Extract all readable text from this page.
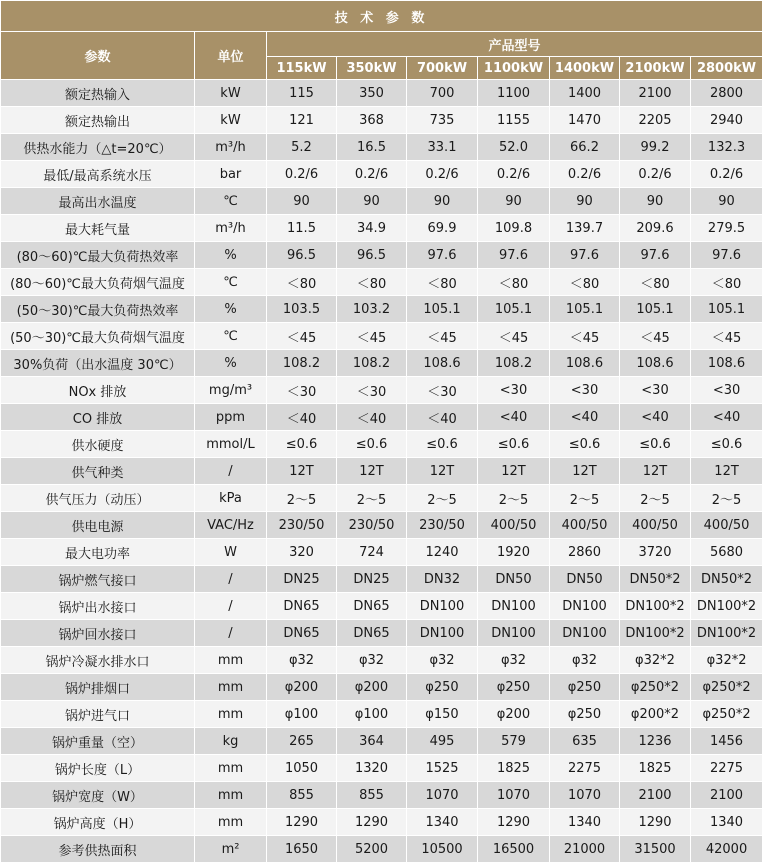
技 术 参 数								
参数	单位	产品型号						
		115kW	350kW	700kW	1100kW	1400kW	2100kW	2800kW
额定热输入	kW	115	350	700	1100	1400	2100	2800
额定热输出	kW	121	368	735	1155	1470	2205	2940
供热水能力（△t=20℃）	m³/h	5.2	16.5	33.1	52.0	66.2	99.2	132.3
最低/最高系统水压	bar	0.2/6	0.2/6	0.2/6	0.2/6	0.2/6	0.2/6	0.2/6
最高出水温度	℃	90	90	90	90	90	90	90
最大耗气量	m³/h	11.5	34.9	69.9	109.8	139.7	209.6	279.5
(80～60)℃最大负荷热效率	%	96.5	96.5	97.6	97.6	97.6	97.6	97.6
(80～60)℃最大负荷烟气温度	℃	＜80	＜80	＜80	＜80	＜80	＜80	＜80
(50～30)℃最大负荷热效率	%	103.5	103.2	105.1	105.1	105.1	105.1	105.1
(50～30)℃最大负荷烟气温度	℃	＜45	＜45	＜45	＜45	＜45	＜45	＜45
30%负荷（出水温度 30℃）	%	108.2	108.2	108.6	108.2	108.6	108.6	108.6
NOx 排放	mg/m³	＜30	＜30	＜30	<30	<30	<30	<30
CO 排放	ppm	＜40	＜40	＜40	<40	<40	<40	<40
供水硬度	mmol/L	≤0.6	≤0.6	≤0.6	≤0.6	≤0.6	≤0.6	≤0.6
供气种类	/	12T	12T	12T	12T	12T	12T	12T
供气压力（动压）	kPa	2～5	2～5	2～5	2～5	2～5	2～5	2～5
供电电源	VAC/Hz	230/50	230/50	230/50	400/50	400/50	400/50	400/50
最大电功率	W	320	724	1240	1920	2860	3720	5680
锅炉燃气接口	/	DN25	DN25	DN32	DN50	DN50	DN50*2	DN50*2
锅炉出水接口	/	DN65	DN65	DN100	DN100	DN100	DN100*2	DN100*2
锅炉回水接口	/	DN65	DN65	DN100	DN100	DN100	DN100*2	DN100*2
锅炉冷凝水排水口	mm	φ32	φ32	φ32	φ32	φ32	φ32*2	φ32*2
锅炉排烟口	mm	φ200	φ200	φ250	φ250	φ250	φ250*2	φ250*2
锅炉进气口	mm	φ100	φ100	φ150	φ200	φ250	φ200*2	φ250*2
锅炉重量（空）	kg	265	364	495	579	635	1236	1456
锅炉长度（L）	mm	1050	1320	1525	1825	2275	1825	2275
锅炉宽度（W）	mm	855	855	1070	1070	1070	2100	2100
锅炉高度（H）	mm	1290	1290	1340	1290	1340	1290	1340
参考供热面积	m²	1650	5200	10500	16500	21000	31500	42000
